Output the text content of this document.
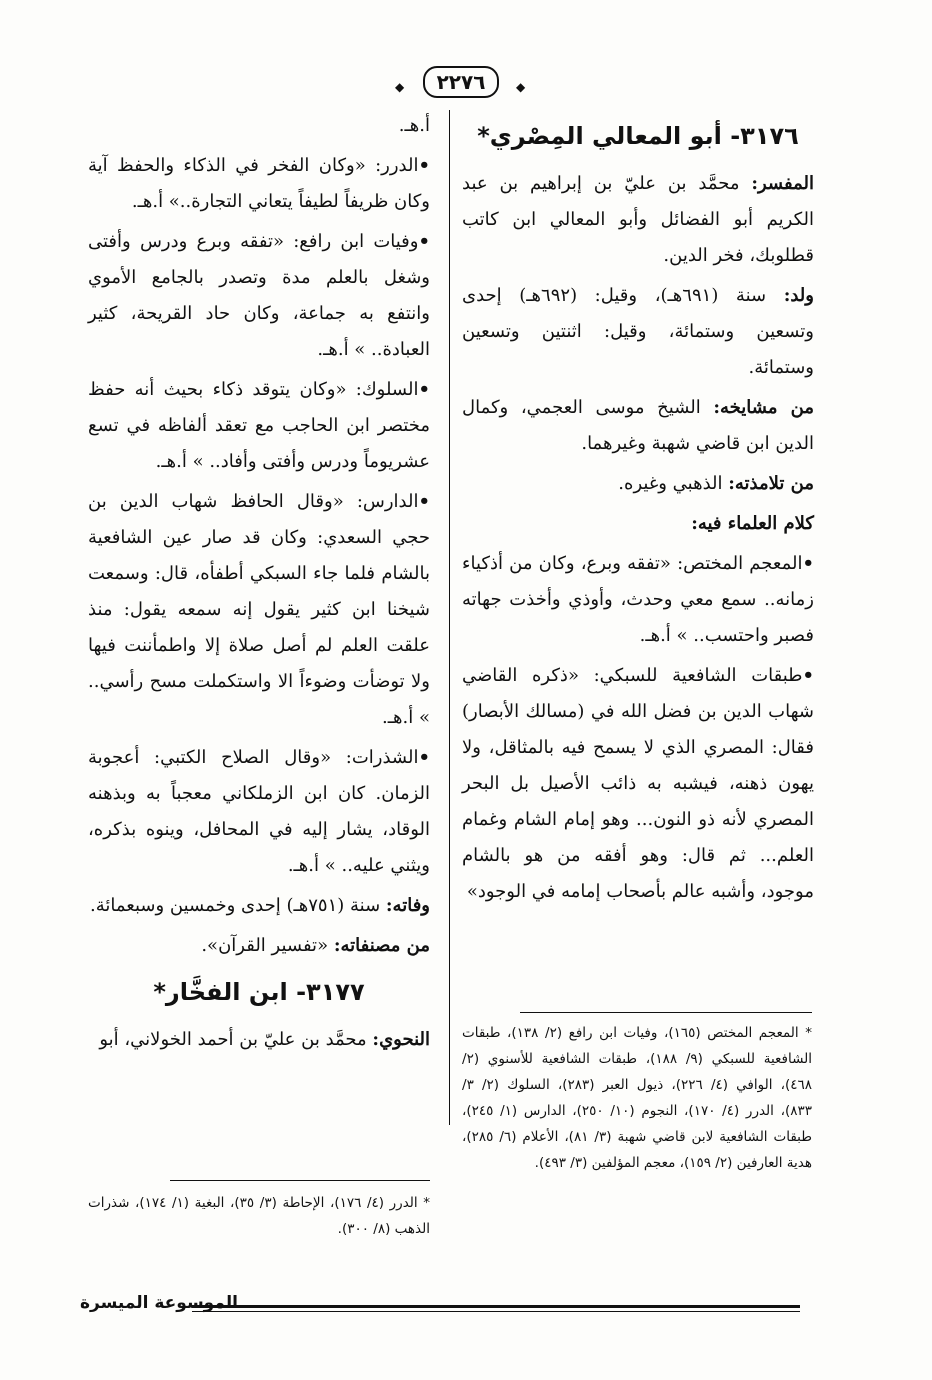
٢٢٧٦
◆	◆
٣١٧٦- أبو المعالي المِصْري*

المفسر: محمَّد بن عليّ بن إبراهيم بن عبد الكريم أبو الفضائل وأبو المعالي ابن كاتب قطلوبك، فخر الدين.

ولد: سنة (٦٩١هـ)، وقيل: (٦٩٢هـ) إحدى وتسعين وستمائة، وقيل: اثنتين وتسعين وستمائة.

من مشايخه: الشيخ موسى العجمي، وكمال الدين ابن قاضي شهبة وغيرهما.

من تلامذته: الذهبي وغيره.

كلام العلماء فيه:

• المعجم المختص: «تفقه وبرع، وكان من أذكياء زمانه.. سمع معي وحدث، وأوذي وأخذت جهاته فصبر واحتسب.. » أ.هـ.

• طبقات الشافعية للسبكي: «ذكره القاضي شهاب الدين بن فضل الله في (مسالك الأبصار) فقال: المصري الذي لا يسمح فيه بالمثاقل، ولا يهون ذهنه، فيشبه به ذائب الأصيل بل البحر المصري لأنه ذو النون... وهو إمام الشام وغمام العلم... ثم قال: وهو أفقه من هو بالشام موجود، وأشبه عالم بأصحاب إمامه في الوجود»

* المعجم المختص (١٦٥)، وفيات ابن رافع (٢/ ١٣٨)، طبقات الشافعية للسبكي (٩/ ١٨٨)، طبقات الشافعية للأسنوي (٢/ ٤٦٨)، الوافي (٤/ ٢٢٦)، ذيول العبر (٢٨٣)، السلوك (٢/ ٣/ ٨٣٣)، الدرر (٤/ ١٧٠)، النجوم (١٠/ ٢٥٠)، الدارس (١/ ٢٤٥)، طبقات الشافعية لابن قاضي شهبة (٣/ ٨١)، الأعلام (٦/ ٢٨٥)، هدية العارفين (٢/ ١٥٩)، معجم المؤلفين (٣/ ٤٩٣).

أ.هـ.

• الدرر: «وكان الفخر في الذكاء والحفظ آية وكان ظريفاً لطيفاً يتعاني التجارة..» أ.هـ.

• وفيات ابن رافع: «تفقه وبرع ودرس وأفتى وشغل بالعلم مدة وتصدر بالجامع الأموي وانتفع به جماعة، وكان حاد القريحة، كثير العبادة.. » أ.هـ.

• السلوك: «وكان يتوقد ذكاء بحيث أنه حفظ مختصر ابن الحاجب مع تعقد ألفاظه في تسع عشريوماً ودرس وأفتى وأفاد.. » أ.هـ.

• الدارس: «وقال الحافظ شهاب الدين بن حجي السعدي: وكان قد صار عين الشافعية بالشام فلما جاء السبكي أطفأه، قال: وسمعت شيخنا ابن كثير يقول إنه سمعه يقول: منذ علقت العلم لم أصل صلاة إلا واطمأننت فيها ولا توضأت وضوءاً الا واستكملت مسح رأسي.. » أ.هـ.

• الشذرات: «وقال الصلاح الكتبي: أعجوبة الزمان. كان ابن الزملكاني معجباً به وبذهنه الوقاد، يشار إليه في المحافل، وينوه بذكره، ويثني عليه.. » أ.هـ.

وفاته: سنة (٧٥١هـ) إحدى وخمسين وسبعمائة.

من مصنفاته: «تفسير القرآن».

٣١٧٧- ابن الفخَّار*

النحوي: محمَّد بن عليّ بن أحمد الخولاني، أبو

* الدرر (٤/ ١٧٦)، الإحاطة (٣/ ٣٥)، البغية (١/ ١٧٤)، شذرات الذهب (٨/ ٣٠٠).
الموسوعة الميسرة
